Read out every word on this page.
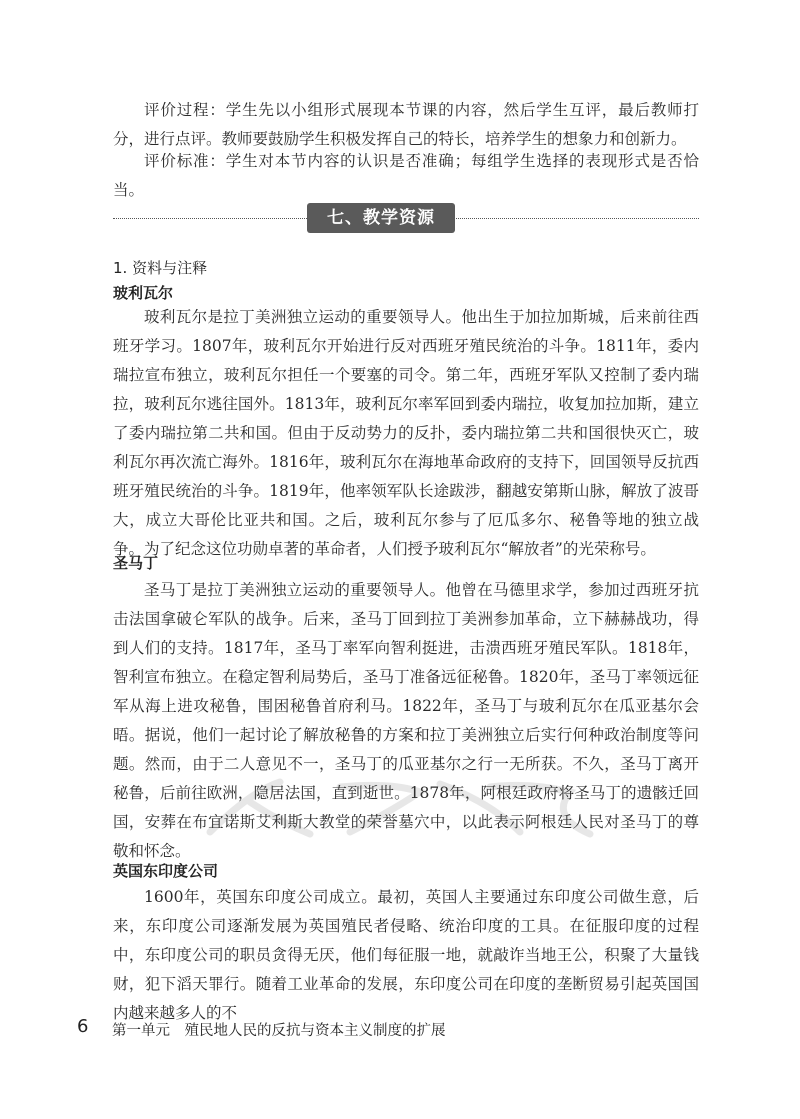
评价过程：学生先以小组形式展现本节课的内容，然后学生互评，最后教师打分，进行点评。教师要鼓励学生积极发挥自己的特长，培养学生的想象力和创新力。

评价标准：学生对本节内容的认识是否准确；每组学生选择的表现形式是否恰当。

七、教学资源

1. 资料与注释

玻利瓦尔

玻利瓦尔是拉丁美洲独立运动的重要领导人。他出生于加拉加斯城，后来前往西班牙学习。1807年，玻利瓦尔开始进行反对西班牙殖民统治的斗争。1811年，委内瑞拉宣布独立，玻利瓦尔担任一个要塞的司令。第二年，西班牙军队又控制了委内瑞拉，玻利瓦尔逃往国外。1813年，玻利瓦尔率军回到委内瑞拉，收复加拉加斯，建立了委内瑞拉第二共和国。但由于反动势力的反扑，委内瑞拉第二共和国很快灭亡，玻利瓦尔再次流亡海外。1816年，玻利瓦尔在海地革命政府的支持下，回国领导反抗西班牙殖民统治的斗争。1819年，他率领军队长途跋涉，翻越安第斯山脉，解放了波哥大，成立大哥伦比亚共和国。之后，玻利瓦尔参与了厄瓜多尔、秘鲁等地的独立战争。为了纪念这位功勋卓著的革命者，人们授予玻利瓦尔“解放者”的光荣称号。

圣马丁

圣马丁是拉丁美洲独立运动的重要领导人。他曾在马德里求学，参加过西班牙抗击法国拿破仑军队的战争。后来，圣马丁回到拉丁美洲参加革命，立下赫赫战功，得到人们的支持。1817年，圣马丁率军向智利挺进，击溃西班牙殖民军队。1818年，智利宣布独立。在稳定智利局势后，圣马丁准备远征秘鲁。1820年，圣马丁率领远征军从海上进攻秘鲁，围困秘鲁首府利马。1822年，圣马丁与玻利瓦尔在瓜亚基尔会晤。据说，他们一起讨论了解放秘鲁的方案和拉丁美洲独立后实行何种政治制度等问题。然而，由于二人意见不一，圣马丁的瓜亚基尔之行一无所获。不久，圣马丁离开秘鲁，后前往欧洲，隐居法国，直到逝世。1878年，阿根廷政府将圣马丁的遗骸迁回国，安葬在布宜诺斯艾利斯大教堂的荣誉墓穴中，以此表示阿根廷人民对圣马丁的尊敬和怀念。

英国东印度公司

1600年，英国东印度公司成立。最初，英国人主要通过东印度公司做生意，后来，东印度公司逐渐发展为英国殖民者侵略、统治印度的工具。在征服印度的过程中，东印度公司的职员贪得无厌，他们每征服一地，就敲诈当地王公，积聚了大量钱财，犯下滔天罪行。随着工业革命的发展，东印度公司在印度的垄断贸易引起英国国内越来越多人的不

6 第一单元　殖民地人民的反抗与资本主义制度的扩展
